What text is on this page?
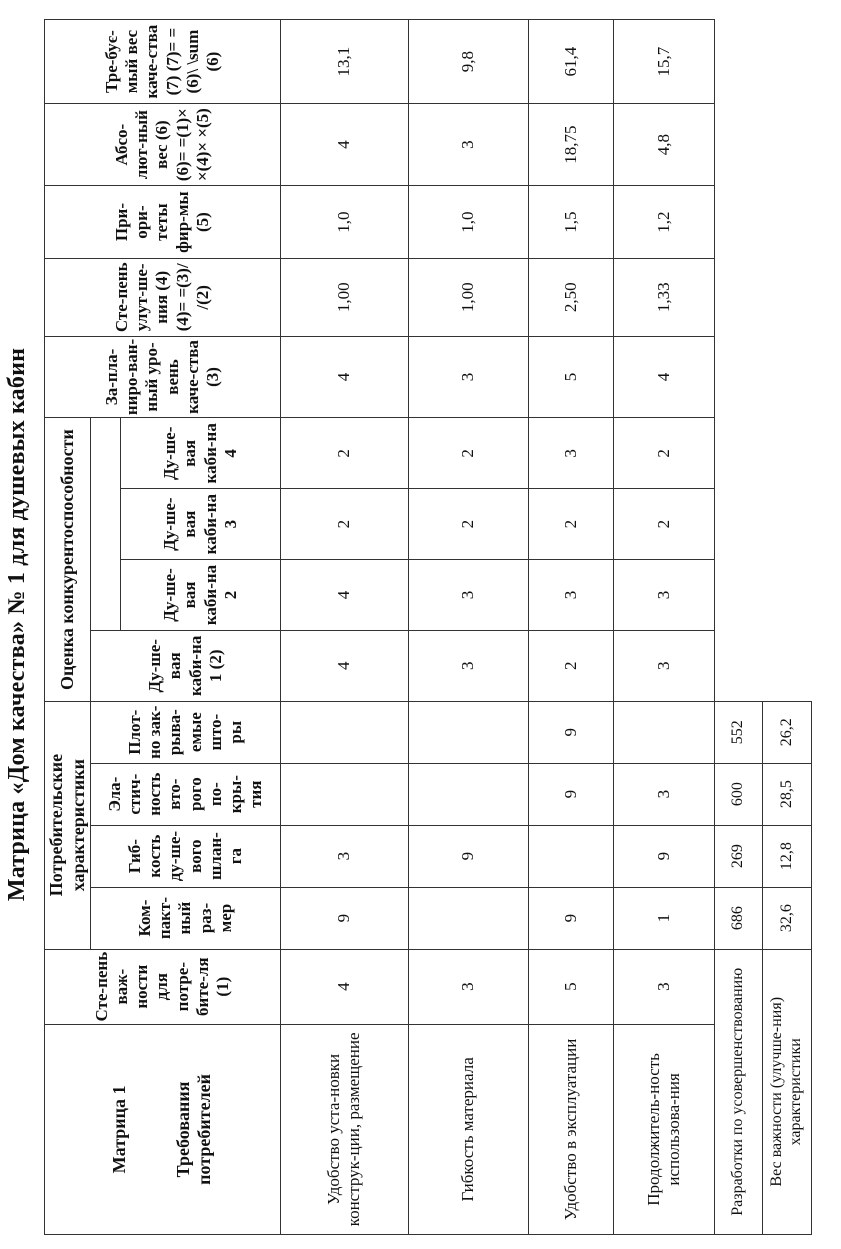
Матрица «Дом качества» № 1 для душевых кабин
Матрица 1 Требования потребителей	Сте-пень важ-ности для потре-бите-ля (1)	Потребительские характеристики				Оценка конкурентоспособности				За-пла-нирo-ван-ный уро-вень каче-ства (3)	Сте-пень улут-ше-ния (4) (4)= =(3)/ /(2)	При-ори-теты фир-мы (5)	Абсо-лют-ный вес (6) (6)= =(1)× ×(4)× ×(5)	Тре-бує-мый вес каче-ства (7) (7)= =(6)\ \sum (6)
		Ком-пакт-ный раз-мер	Гиб-кость ду-ше-вого шлан-га	Эла-стич-ность вто-рого по-кры-тия	Плот-но зак-рыва-емые што-ры	Ду-ше-вая каби-на 1 (2)								
							Ду-ше-вая каби-на 2	Ду-ше-вая каби-на 3	Ду-ше-вая каби-на 4					
Удобство уста-новки конструк-ции, размещение	4	9	3			4	4	2	2	4	1,00	1,0	4	13,1
Гибкость материала	3		9			3	3	2	2	3	1,00	1,0	3	9,8
Удобство в эксплуатации	5	9		9	9	2	3	2	3	5	2,50	1,5	18,75	61,4
Продолжитель-ность использова-ния	3	1	9	3		3	3	2	2	4	1,33	1,2	4,8	15,7
Разработки по усовершенствованию		686	269	600	552									
Вес важности (улучше-ния) характеристики		32,6	12,8	28,5	26,2									
